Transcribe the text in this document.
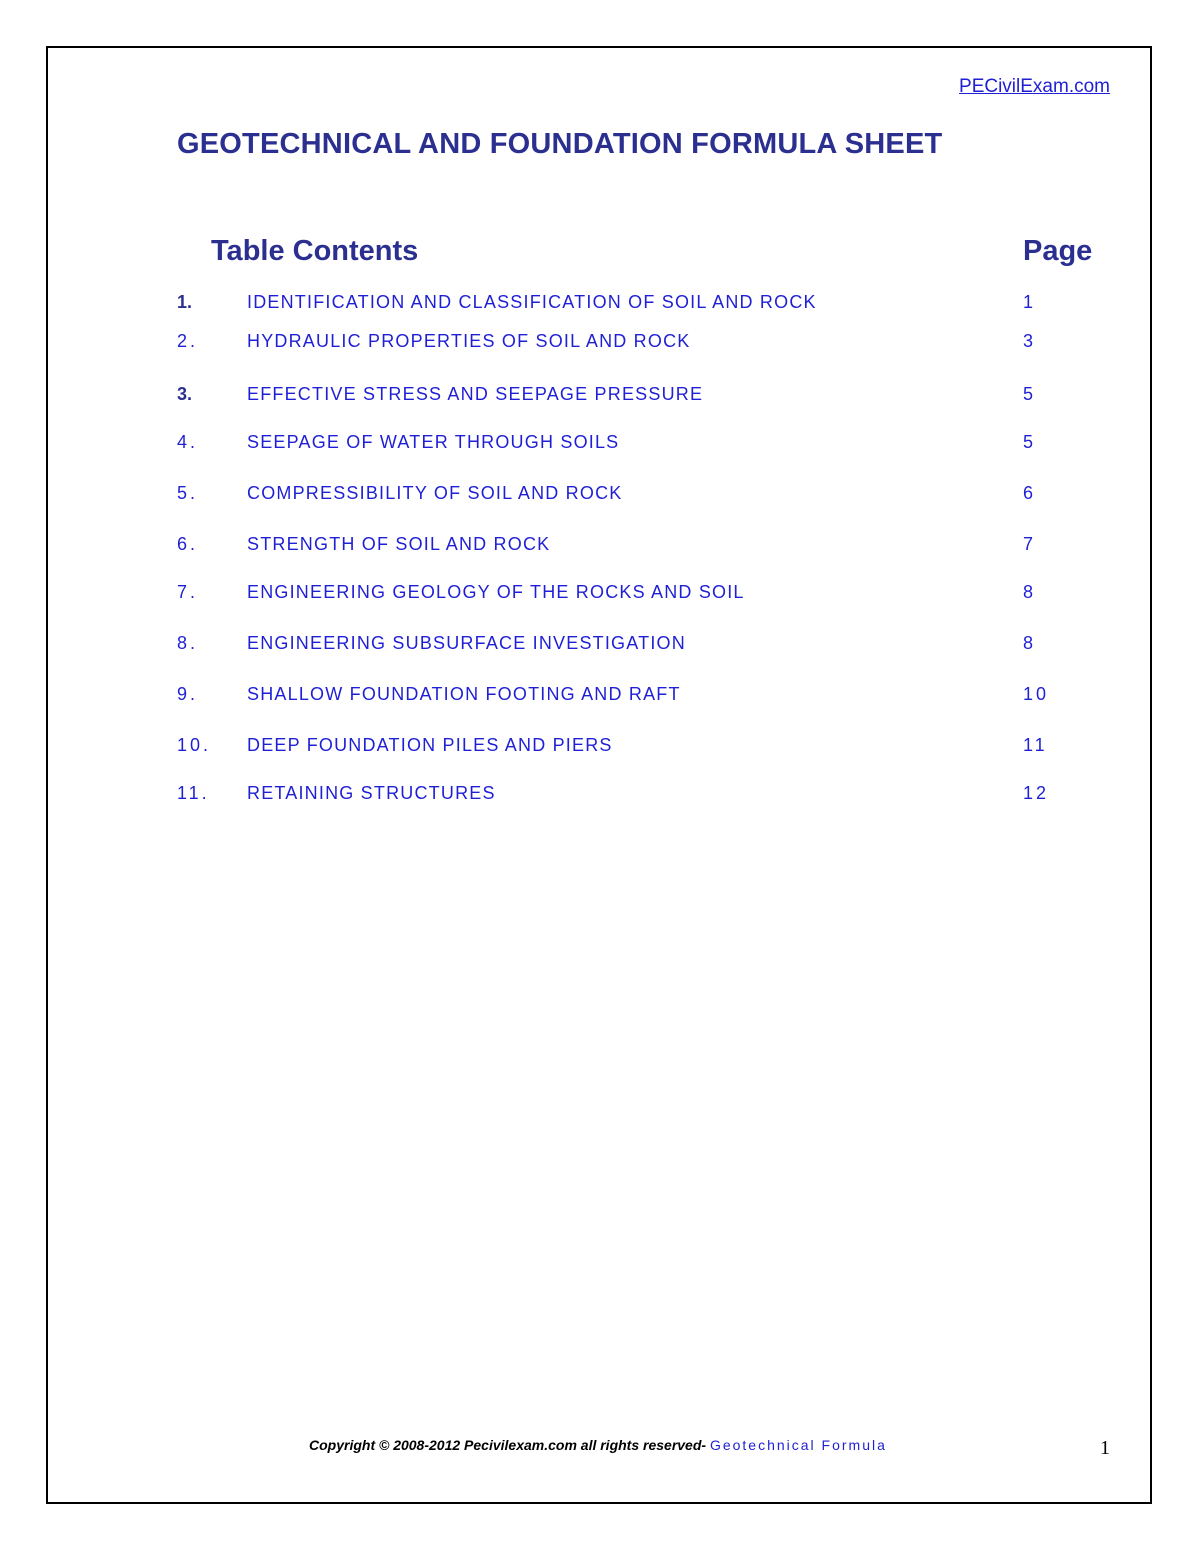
PECivilExam.com
GEOTECHNICAL AND FOUNDATION FORMULA SHEET
Table Contents	Page
1.	IDENTIFICATION AND CLASSIFICATION OF SOIL AND ROCK	1
2.	HYDRAULIC PROPERTIES OF SOIL AND ROCK	3
3.	EFFECTIVE STRESS AND SEEPAGE PRESSURE	5
4.	SEEPAGE OF WATER THROUGH SOILS	5
5.	COMPRESSIBILITY OF SOIL AND ROCK	6
6.	STRENGTH OF SOIL AND ROCK	7
7.	ENGINEERING GEOLOGY OF THE ROCKS AND SOIL	8
8.	ENGINEERING SUBSURFACE INVESTIGATION	8
9.	SHALLOW FOUNDATION FOOTING AND RAFT	10
10. DEEP FOUNDATION PILES AND PIERS	11
11. RETAINING STRUCTURES	12
Copyright © 2008-2012 Pecivilexam.com all rights reserved- Geotechnical Formula	1
